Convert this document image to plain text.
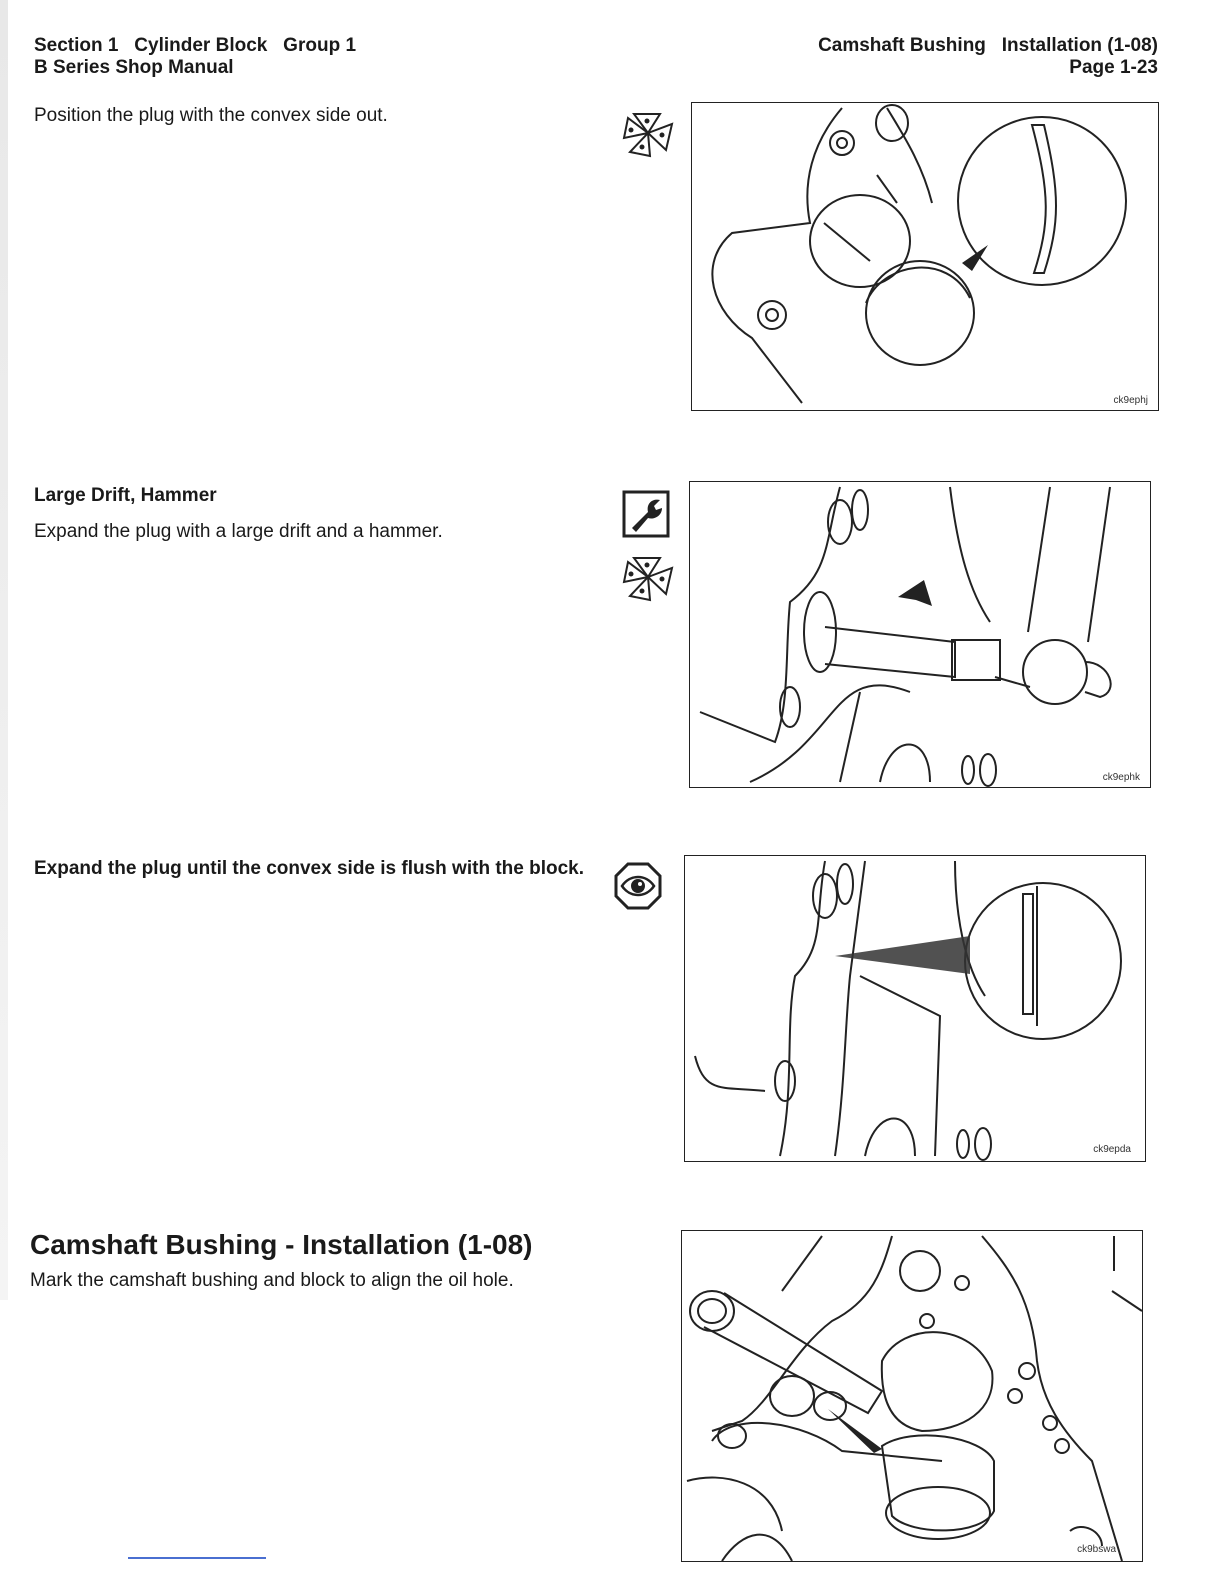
Section 1   Cylinder Block   Group 1
B Series Shop Manual
Camshaft Bushing   Installation (1-08)
Page 1-23
Position the plug with the convex side out.
ck9ephj
Large Drift, Hammer
Expand the plug with a large drift and a hammer.
ck9ephk
Expand the plug until the convex side is flush with the block.
ck9epda
Camshaft Bushing - Installation (1-08)
Mark the camshaft bushing and block to align the oil hole.
ck9bswa
